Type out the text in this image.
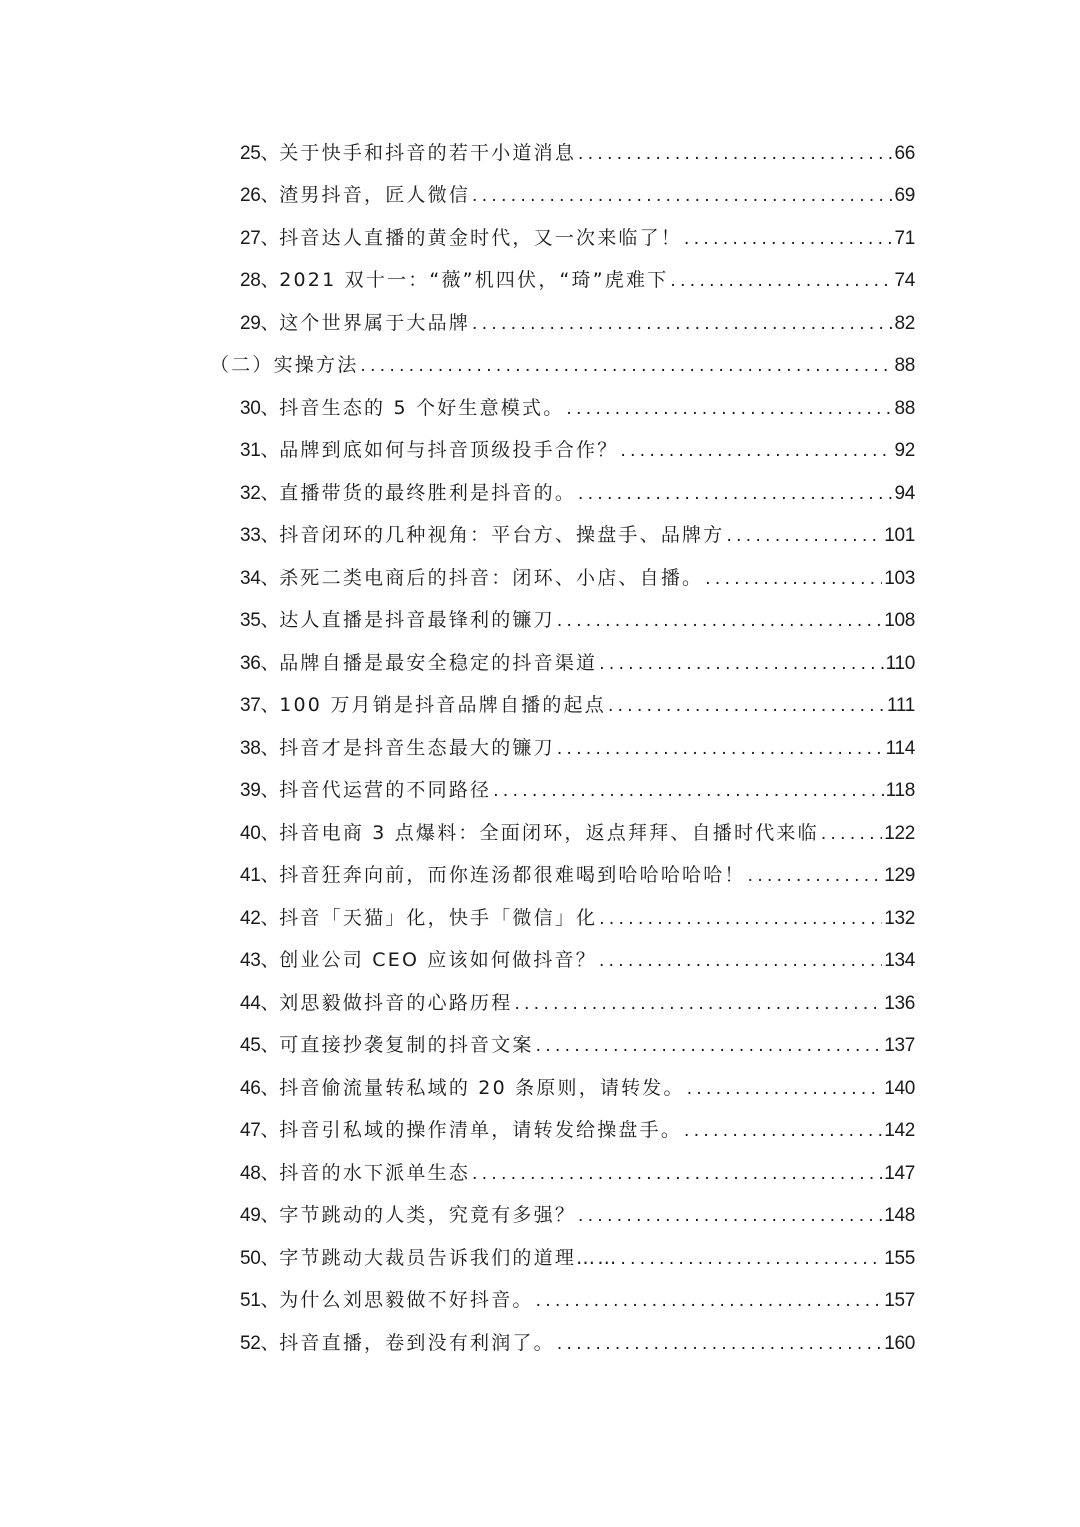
25、 关于快手和抖音的若干小道消息 .....	66
26、 渣男抖音，匠人微信 .....	69
27、 抖音达人直播的黄金时代，又一次来临了！ .....	71
28、 2021 双十一：“薇”机四伏，“琦”虎难下 .....	74
29、 这个世界属于大品牌 .....	82
（二）实操方法 .....	88
30、 抖音生态的 5 个好生意模式。 .....	88
31、 品牌到底如何与抖音顶级投手合作？ .....	92
32、 直播带货的最终胜利是抖音的。 .....	94
33、 抖音闭环的几种视角：平台方、操盘手、品牌方 .....	101
34、 杀死二类电商后的抖音：闭环、小店、自播。 .....	103
35、 达人直播是抖音最锋利的镰刀 .....	108
36、 品牌自播是最安全稳定的抖音渠道 .....	110
37、 100 万月销是抖音品牌自播的起点 .....	111
38、 抖音才是抖音生态最大的镰刀 .....	114
39、 抖音代运营的不同路径 .....	118
40、 抖音电商 3 点爆料：全面闭环，返点拜拜、自播时代来临 .....	122
41、 抖音狂奔向前，而你连汤都很难喝到哈哈哈哈哈！ .....	129
42、 抖音「天猫」化，快手「微信」化 .....	132
43、 创业公司 CEO 应该如何做抖音？ .....	134
44、 刘思毅做抖音的心路历程 .....	136
45、 可直接抄袭复制的抖音文案 .....	137
46、 抖音偷流量转私域的 20 条原则，请转发。 .....	140
47、 抖音引私域的操作清单，请转发给操盘手。 .....	142
48、 抖音的水下派单生态 .....	147
49、 字节跳动的人类，究竟有多强？ .....	148
50、 字节跳动大裁员告诉我们的道理…… .....	155
51、 为什么刘思毅做不好抖音。 .....	157
52、 抖音直播，卷到没有利润了。 .....	160
